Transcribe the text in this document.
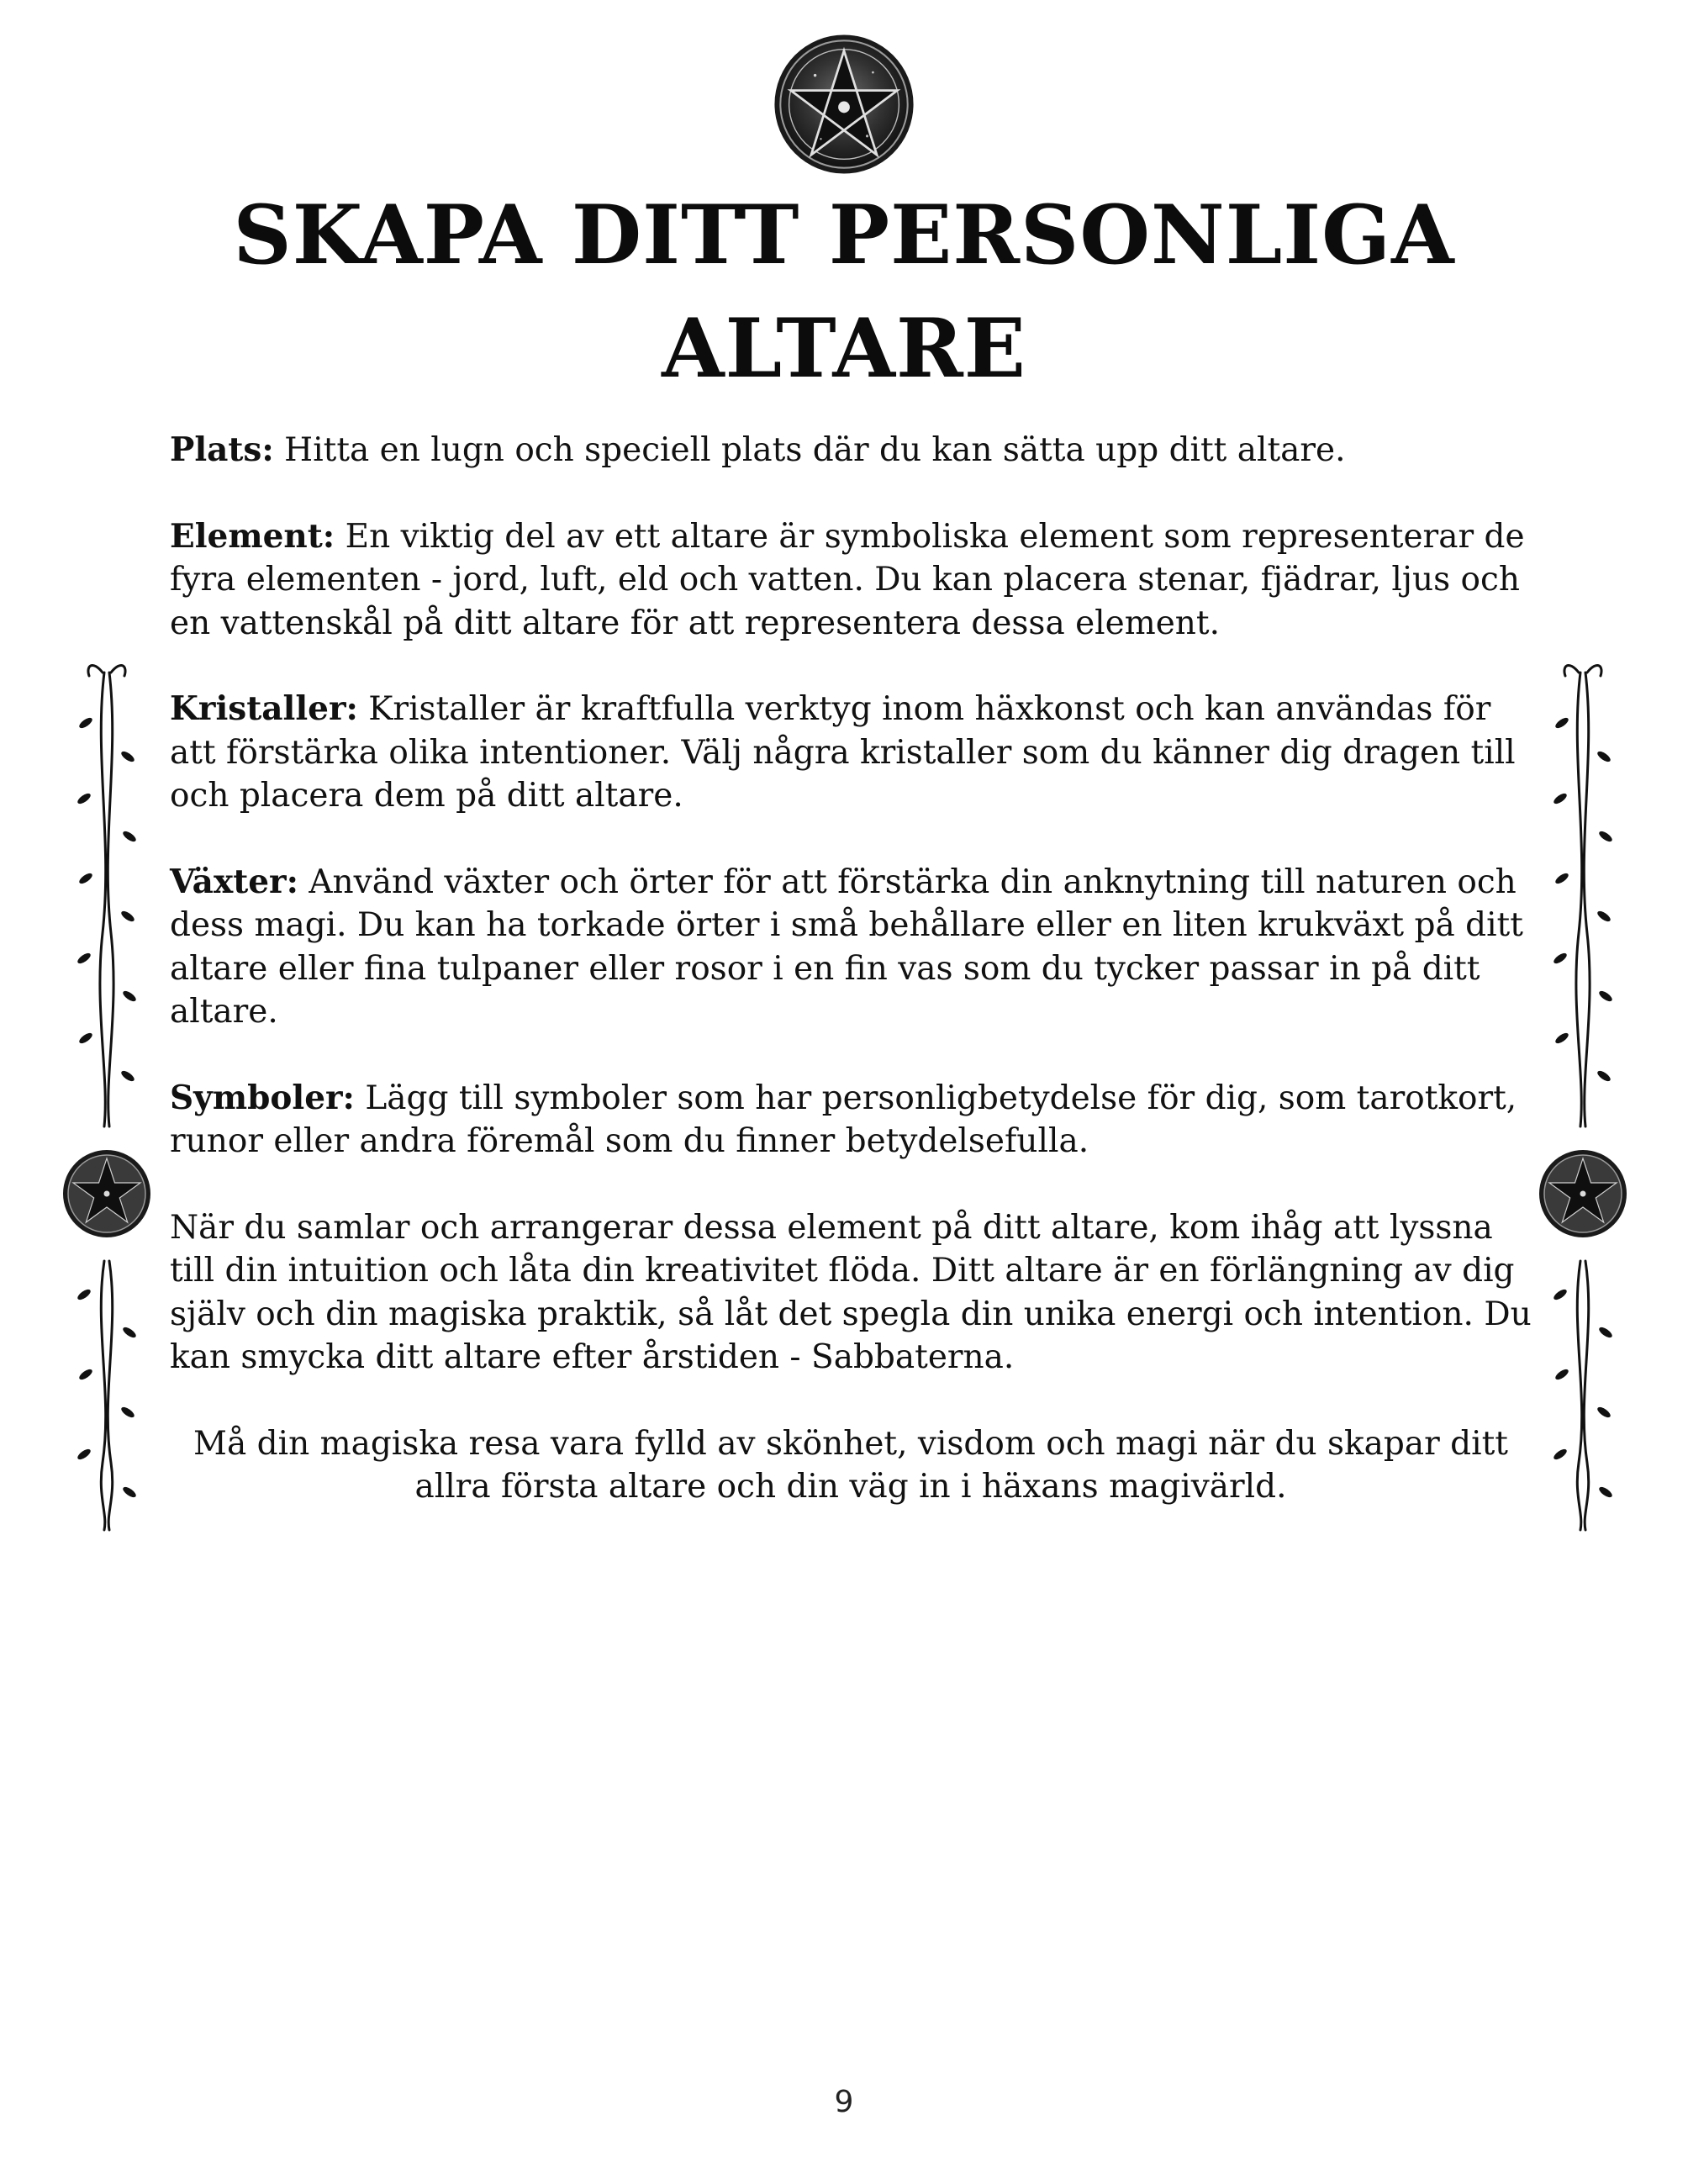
SKAPA DITT PERSONLIGA
ALTARE

Plats: Hitta en lugn och speciell plats där du kan sätta upp ditt altare.

Element: En viktig del av ett altare är symboliska element som representerar de fyra elementen - jord, luft, eld och vatten. Du kan placera stenar, fjädrar, ljus och en vattenskål på ditt altare för att representera dessa element.

Kristaller: Kristaller är kraftfulla verktyg inom häxkonst och kan användas för att förstärka olika intentioner. Välj några kristaller som du känner dig dragen till och placera dem på ditt altare.

Växter: Använd växter och örter för att förstärka din anknytning till naturen och dess magi. Du kan ha torkade örter i små behållare eller en liten krukväxt på ditt altare eller fina tulpaner eller rosor i en fin vas som du tycker passar in på ditt altare.

Symboler: Lägg till symboler som har personligbetydelse för dig, som tarotkort, runor eller andra föremål som du finner betydelsefulla.

När du samlar och arrangerar dessa element på ditt altare, kom ihåg att lyssna till din intuition och låta din kreativitet flöda. Ditt altare är en förlängning av dig själv och din magiska praktik, så låt det spegla din unika energi och intention. Du kan smycka ditt altare efter årstiden - Sabbaterna.

Må din magiska resa vara fylld av skönhet, visdom och magi när du skapar ditt allra första altare och din väg in i häxans magivärld.

9
